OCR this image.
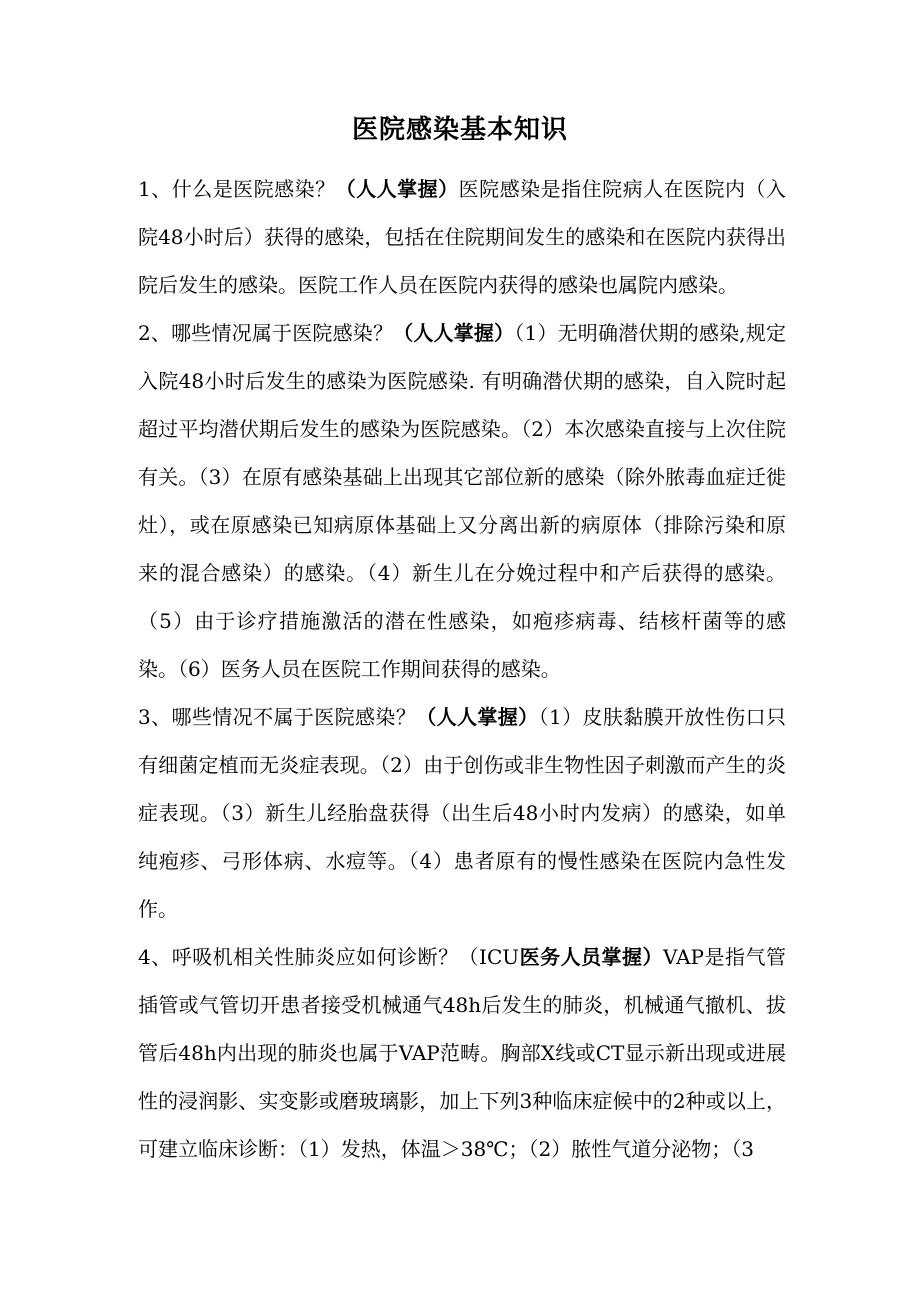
医院感染基本知识

1、什么是医院感染？（人人掌握）医院感染是指住院病人在医院内（入院48小时后）获得的感染，包括在住院期间发生的感染和在医院内获得出院后发生的感染。医院工作人员在医院内获得的感染也属院内感染。

2、哪些情况属于医院感染？（人人掌握）（1）无明确潜伏期的感染,规定入院48小时后发生的感染为医院感染. 有明确潜伏期的感染，自入院时起超过平均潜伏期后发生的感染为医院感染。（2）本次感染直接与上次住院有关。（3）在原有感染基础上出现其它部位新的感染（除外脓毒血症迁徙灶），或在原感染已知病原体基础上又分离出新的病原体（排除污染和原来的混合感染）的感染。（4）新生儿在分娩过程中和产后获得的感染。（5）由于诊疗措施激活的潜在性感染，如疱疹病毒、结核杆菌等的感染。（6）医务人员在医院工作期间获得的感染。

3、哪些情况不属于医院感染？（人人掌握）（1）皮肤黏膜开放性伤口只有细菌定植而无炎症表现。（2）由于创伤或非生物性因子刺激而产生的炎症表现。（3）新生儿经胎盘获得（出生后48小时内发病）的感染，如单纯疱疹、弓形体病、水痘等。（4）患者原有的慢性感染在医院内急性发作。

4、呼吸机相关性肺炎应如何诊断？（ICU医务人员掌握）VAP是指气管插管或气管切开患者接受机械通气48h后发生的肺炎，机械通气撤机、拔管后48h内出现的肺炎也属于VAP范畴。胸部X线或CT显示新出现或进展性的浸润影、实变影或磨玻璃影，加上下列3种临床症候中的2种或以上，可建立临床诊断：（1）发热，体温＞38℃；（2）脓性气道分泌物；（3
